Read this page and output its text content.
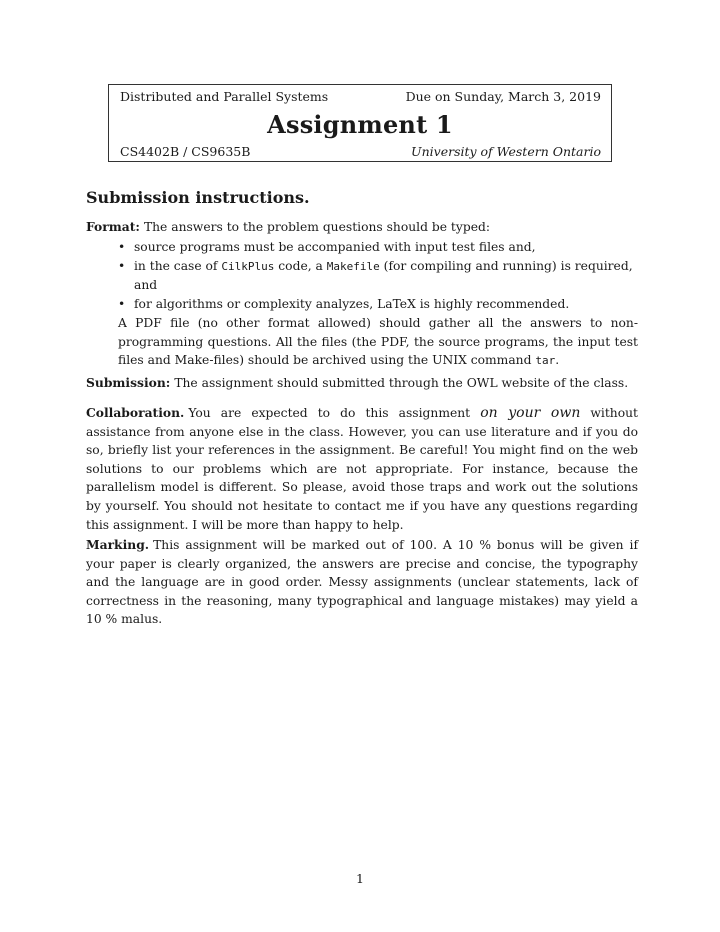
Distributed and Parallel Systems	Due on Sunday, March 3, 2019
Assignment 1
CS4402B / CS9635B	University of Western Ontario
Submission instructions.
Format: The answers to the problem questions should be typed:
• source programs must be accompanied with input test files and,
• in the case of CilkPlus code, a Makefile (for compiling and running) is required, and
• for algorithms or complexity analyzes, LaTeX is highly recommended.
A PDF file (no other format allowed) should gather all the answers to non-programming questions. All the files (the PDF, the source programs, the input test files and Make-files) should be archived using the UNIX command tar.
Submission: The assignment should submitted through the OWL website of the class.
Collaboration. You are expected to do this assignment on your own without assistance from anyone else in the class. However, you can use literature and if you do so, briefly list your references in the assignment. Be careful! You might find on the web solutions to our problems which are not appropriate. For instance, because the parallelism model is different. So please, avoid those traps and work out the solutions by yourself. You should not hesitate to contact me if you have any questions regarding this assignment. I will be more than happy to help.
Marking. This assignment will be marked out of 100. A 10 % bonus will be given if your paper is clearly organized, the answers are precise and concise, the typography and the language are in good order. Messy assignments (unclear statements, lack of correctness in the reasoning, many typographical and language mistakes) may yield a 10 % malus.
1
